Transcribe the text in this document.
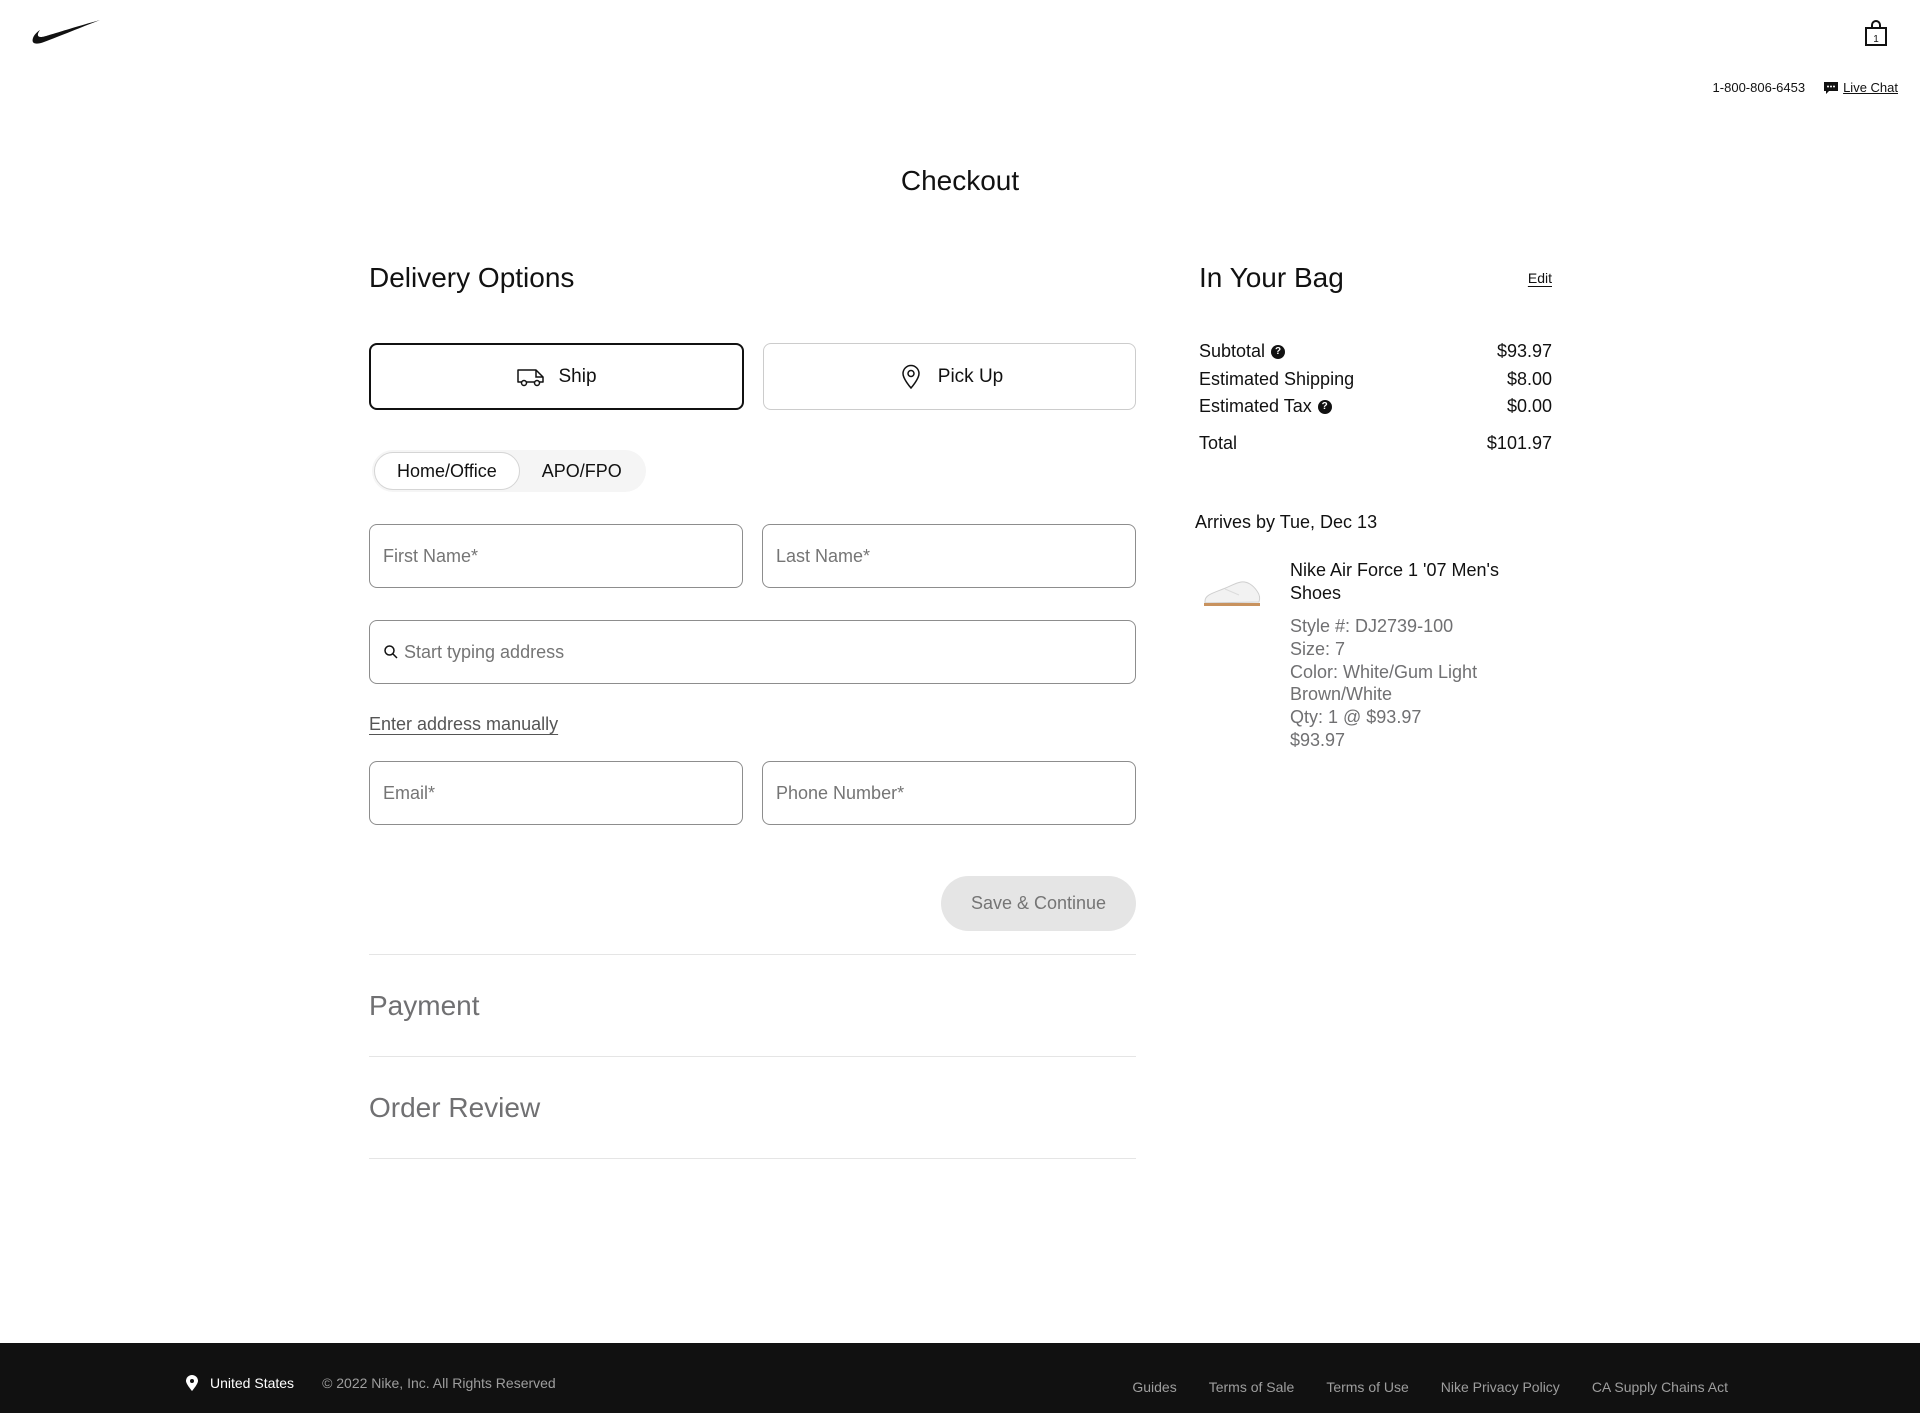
1
1-800-806-6453	Live Chat
Checkout
Delivery Options
Ship	Pick Up
Home/Office	APO/FPO
First Name*	Last Name*
Start typing address
Enter address manually
Email*	Phone Number*
Save & Continue
Payment
Order Review
In Your Bag	Edit
Subtotal ?	$93.97
Estimated Shipping	$8.00
Estimated Tax ?	$0.00
Total	$101.97
Arrives by Tue, Dec 13
Nike Air Force 1 '07 Men's Shoes
Style #: DJ2739-100
Size: 7
Color: White/Gum Light Brown/White
Qty: 1 @ $93.97
$93.97
United States © 2022 Nike, Inc. All Rights Reserved	Guides Terms of Sale Terms of Use Nike Privacy Policy CA Supply Chains Act
